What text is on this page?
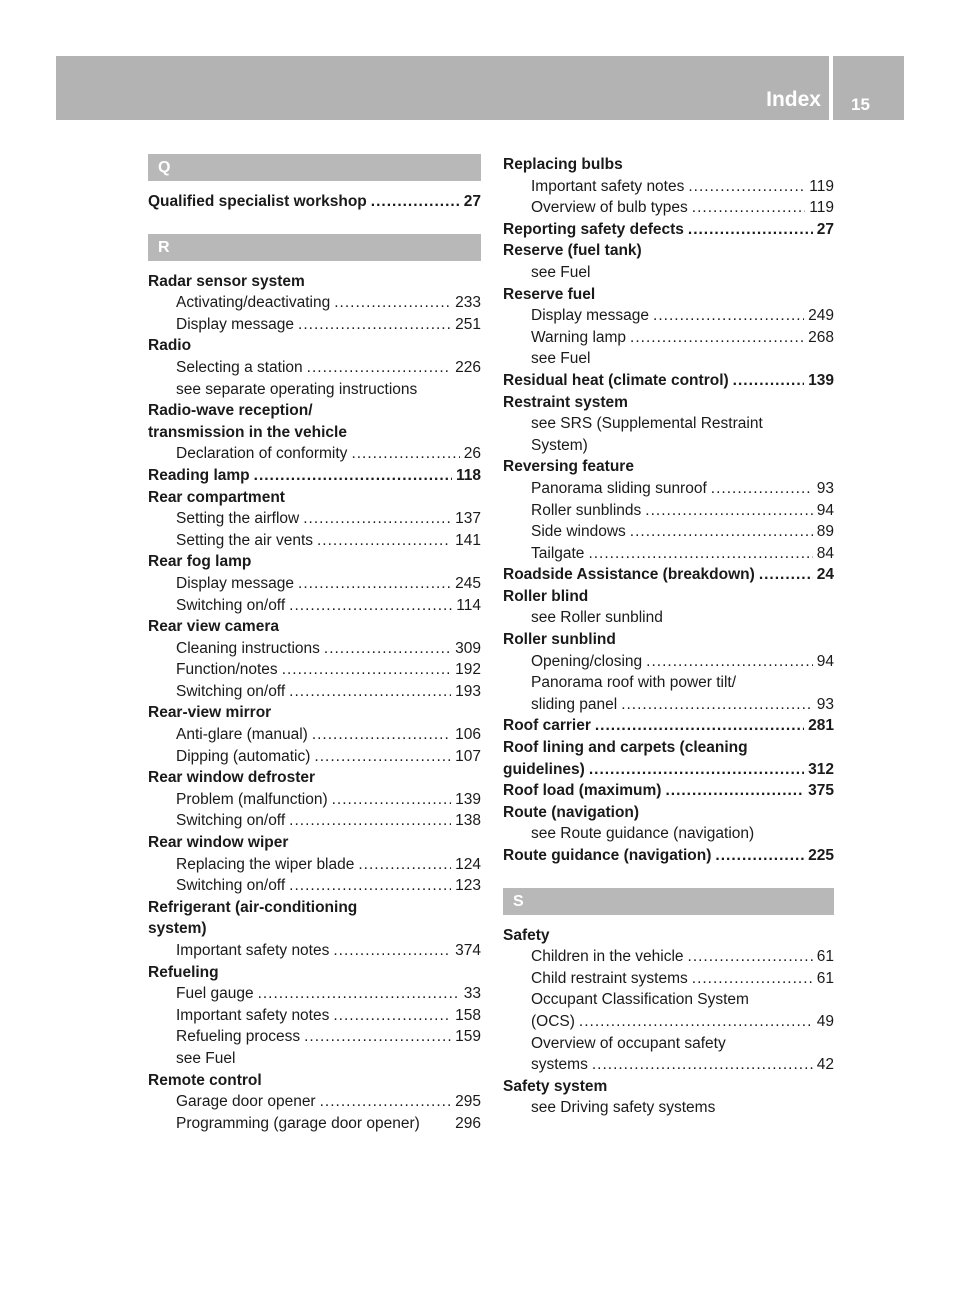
Index 15
Q
Qualified specialist workshop .....	27
R
Radar sensor system
Activating/deactivating .....	233
Display message .....	251
Radio
Selecting a station .....	226
see separate operating instructions
Radio-wave reception/
transmission in the vehicle
Declaration of conformity .....	26
Reading lamp .....	118
Rear compartment
Setting the airflow .....	137
Setting the air vents .....	141
Rear fog lamp
Display message .....	245
Switching on/off .....	114
Rear view camera
Cleaning instructions .....	309
Function/notes .....	192
Switching on/off .....	193
Rear-view mirror
Anti-glare (manual) .....	106
Dipping (automatic) .....	107
Rear window defroster
Problem (malfunction) .....	139
Switching on/off .....	138
Rear window wiper
Replacing the wiper blade .....	124
Switching on/off .....	123
Refrigerant (air-conditioning
system)
Important safety notes .....	374
Refueling
Fuel gauge .....	33
Important safety notes .....	158
Refueling process .....	159
see Fuel
Remote control
Garage door opener .....	295
Programming (garage door opener) 296
Replacing bulbs
Important safety notes .....	119
Overview of bulb types .....	119
Reporting safety defects .....	27
Reserve (fuel tank)
see Fuel
Reserve fuel
Display message .....	249
Warning lamp .....	268
see Fuel
Residual heat (climate control) .....	139
Restraint system
see SRS (Supplemental Restraint
System)
Reversing feature
Panorama sliding sunroof .....	93
Roller sunblinds .....	94
Side windows .....	89
Tailgate .....	84
Roadside Assistance (breakdown) .....	24
Roller blind
see Roller sunblind
Roller sunblind
Opening/closing .....	94
Panorama roof with power tilt/
sliding panel .....	93
Roof carrier .....	281
Roof lining and carpets (cleaning
guidelines) .....	312
Roof load (maximum) .....	375
Route (navigation)
see Route guidance (navigation)
Route guidance (navigation) .....	225
S
Safety
Children in the vehicle .....	61
Child restraint systems .....	61
Occupant Classification System
(OCS) .....	49
Overview of occupant safety
systems .....	42
Safety system
see Driving safety systems
